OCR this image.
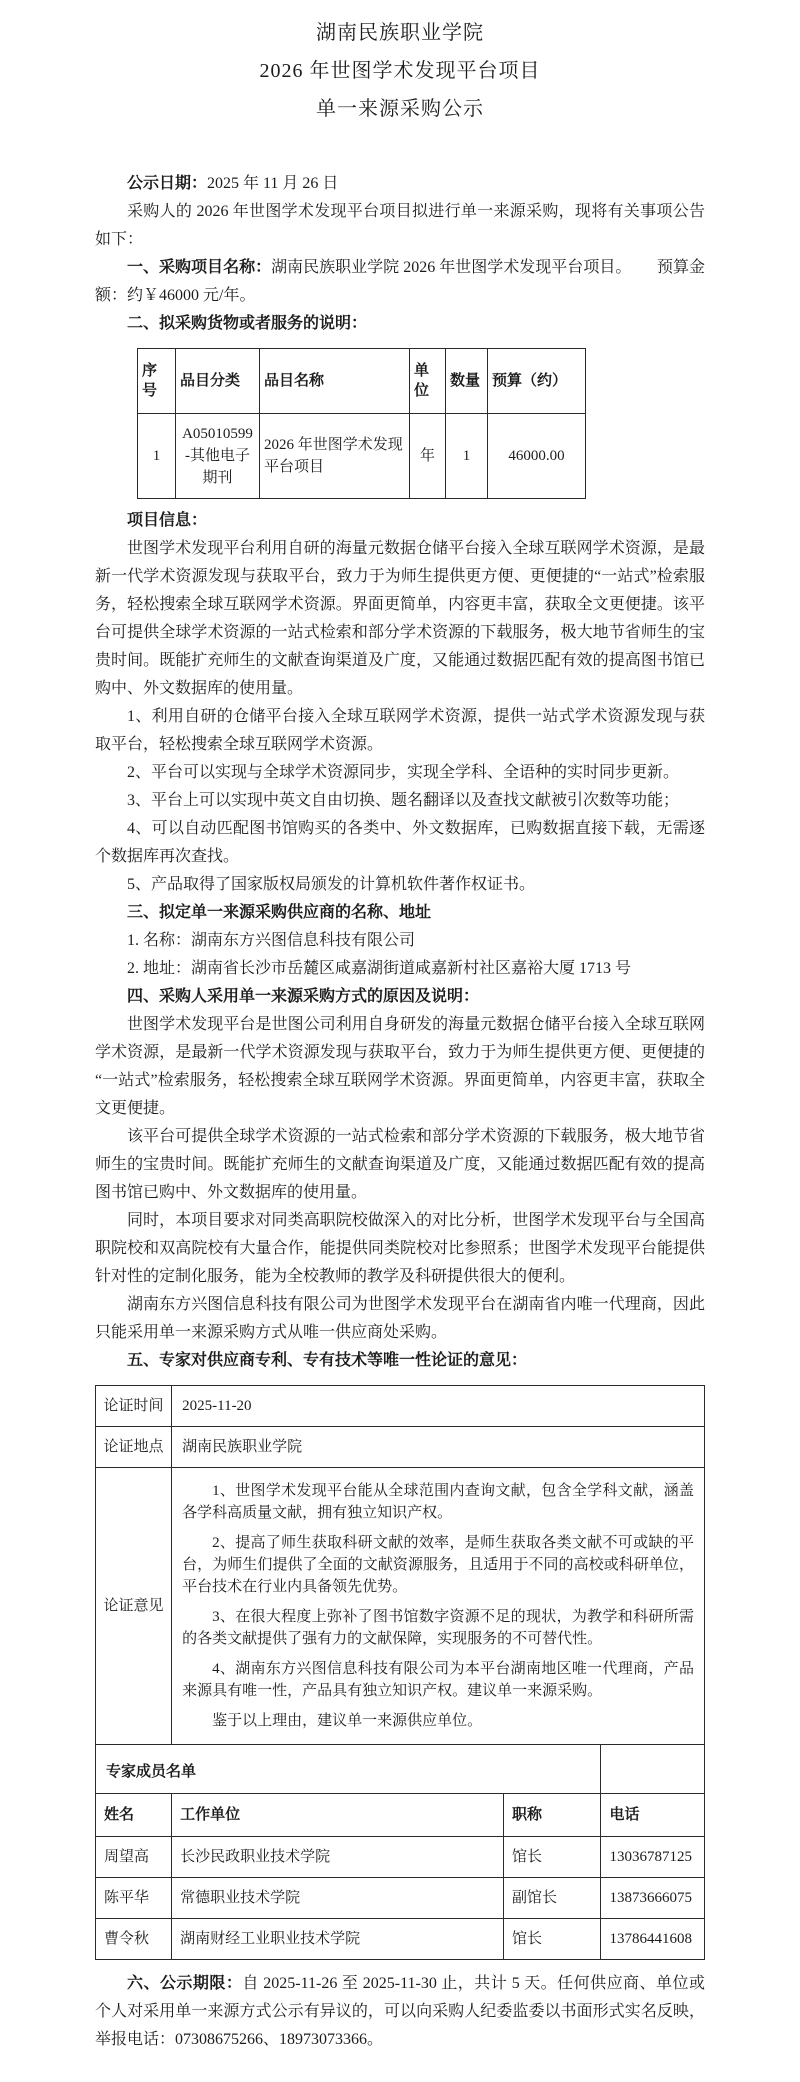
湖南民族职业学院

2026 年世图学术发现平台项目

单一来源采购公示

公示日期：2025 年 11 月 26 日

采购人的 2026 年世图学术发现平台项目拟进行单一来源采购，现将有关事项公告如下：

一、采购项目名称：湖南民族职业学院 2026 年世图学术发现平台项目。 预算金额：约￥46000 元/年。

二、拟采购货物或者服务的说明：

序号	品目分类	品目名称	单位	数量	预算（约）
1	A05010599-其他电子期刊	2026 年世图学术发现平台项目	年	1	46000.00

项目信息：

世图学术发现平台利用自研的海量元数据仓储平台接入全球互联网学术资源，是最新一代学术资源发现与获取平台，致力于为师生提供更方便、更便捷的“一站式”检索服务，轻松搜索全球互联网学术资源。界面更简单，内容更丰富，获取全文更便捷。该平台可提供全球学术资源的一站式检索和部分学术资源的下载服务，极大地节省师生的宝贵时间。既能扩充师生的文献查询渠道及广度，又能通过数据匹配有效的提高图书馆已购中、外文数据库的使用量。

1、利用自研的仓储平台接入全球互联网学术资源，提供一站式学术资源发现与获取平台，轻松搜索全球互联网学术资源。

2、平台可以实现与全球学术资源同步，实现全学科、全语种的实时同步更新。

3、平台上可以实现中英文自由切换、题名翻译以及查找文献被引次数等功能；

4、可以自动匹配图书馆购买的各类中、外文数据库，已购数据直接下载，无需逐个数据库再次查找。

5、产品取得了国家版权局颁发的计算机软件著作权证书。

三、拟定单一来源采购供应商的名称、地址

1. 名称：湖南东方兴图信息科技有限公司

2. 地址：湖南省长沙市岳麓区咸嘉湖街道咸嘉新村社区嘉裕大厦 1713 号

四、采购人采用单一来源采购方式的原因及说明：

世图学术发现平台是世图公司利用自身研发的海量元数据仓储平台接入全球互联网学术资源，是最新一代学术资源发现与获取平台，致力于为师生提供更方便、更便捷的“一站式”检索服务，轻松搜索全球互联网学术资源。界面更简单，内容更丰富，获取全文更便捷。

该平台可提供全球学术资源的一站式检索和部分学术资源的下载服务，极大地节省师生的宝贵时间。既能扩充师生的文献查询渠道及广度，又能通过数据匹配有效的提高图书馆已购中、外文数据库的使用量。

同时，本项目要求对同类高职院校做深入的对比分析，世图学术发现平台与全国高职院校和双高院校有大量合作，能提供同类院校对比参照系；世图学术发现平台能提供针对性的定制化服务，能为全校教师的教学及科研提供很大的便利。

湖南东方兴图信息科技有限公司为世图学术发现平台在湖南省内唯一代理商，因此只能采用单一来源采购方式从唯一供应商处采购。

五、专家对供应商专利、专有技术等唯一性论证的意见：

论证时间	2025-11-20		
论证地点	湖南民族职业学院		
论证意见	1、世图学术发现平台能从全球范围内查询文献，包含全学科文献，涵盖各学科高质量文献，拥有独立知识产权。

2、提高了师生获取科研文献的效率，是师生获取各类文献不可或缺的平台，为师生们提供了全面的文献资源服务，且适用于不同的高校或科研单位，平台技术在行业内具备领先优势。

3、在很大程度上弥补了图书馆数字资源不足的现状，为教学和科研所需的各类文献提供了强有力的文献保障，实现服务的不可替代性。

4、湖南东方兴图信息科技有限公司为本平台湖南地区唯一代理商，产品来源具有唯一性，产品具有独立知识产权。建议单一来源采购。

鉴于以上理由，建议单一来源供应单位。		

专家成员名单			
姓名	工作单位	职称	电话
周望高	长沙民政职业技术学院	馆长	13036787125
陈平华	常德职业技术学院	副馆长	13873666075
曹令秋	湖南财经工业职业技术学院	馆长	13786441608

六、公示期限：自 2025-11-26 至 2025-11-30 止，共计 5 天。任何供应商、单位或个人对采用单一来源方式公示有异议的，可以向采购人纪委监委以书面形式实名反映，举报电话：07308675266、18973073366。
